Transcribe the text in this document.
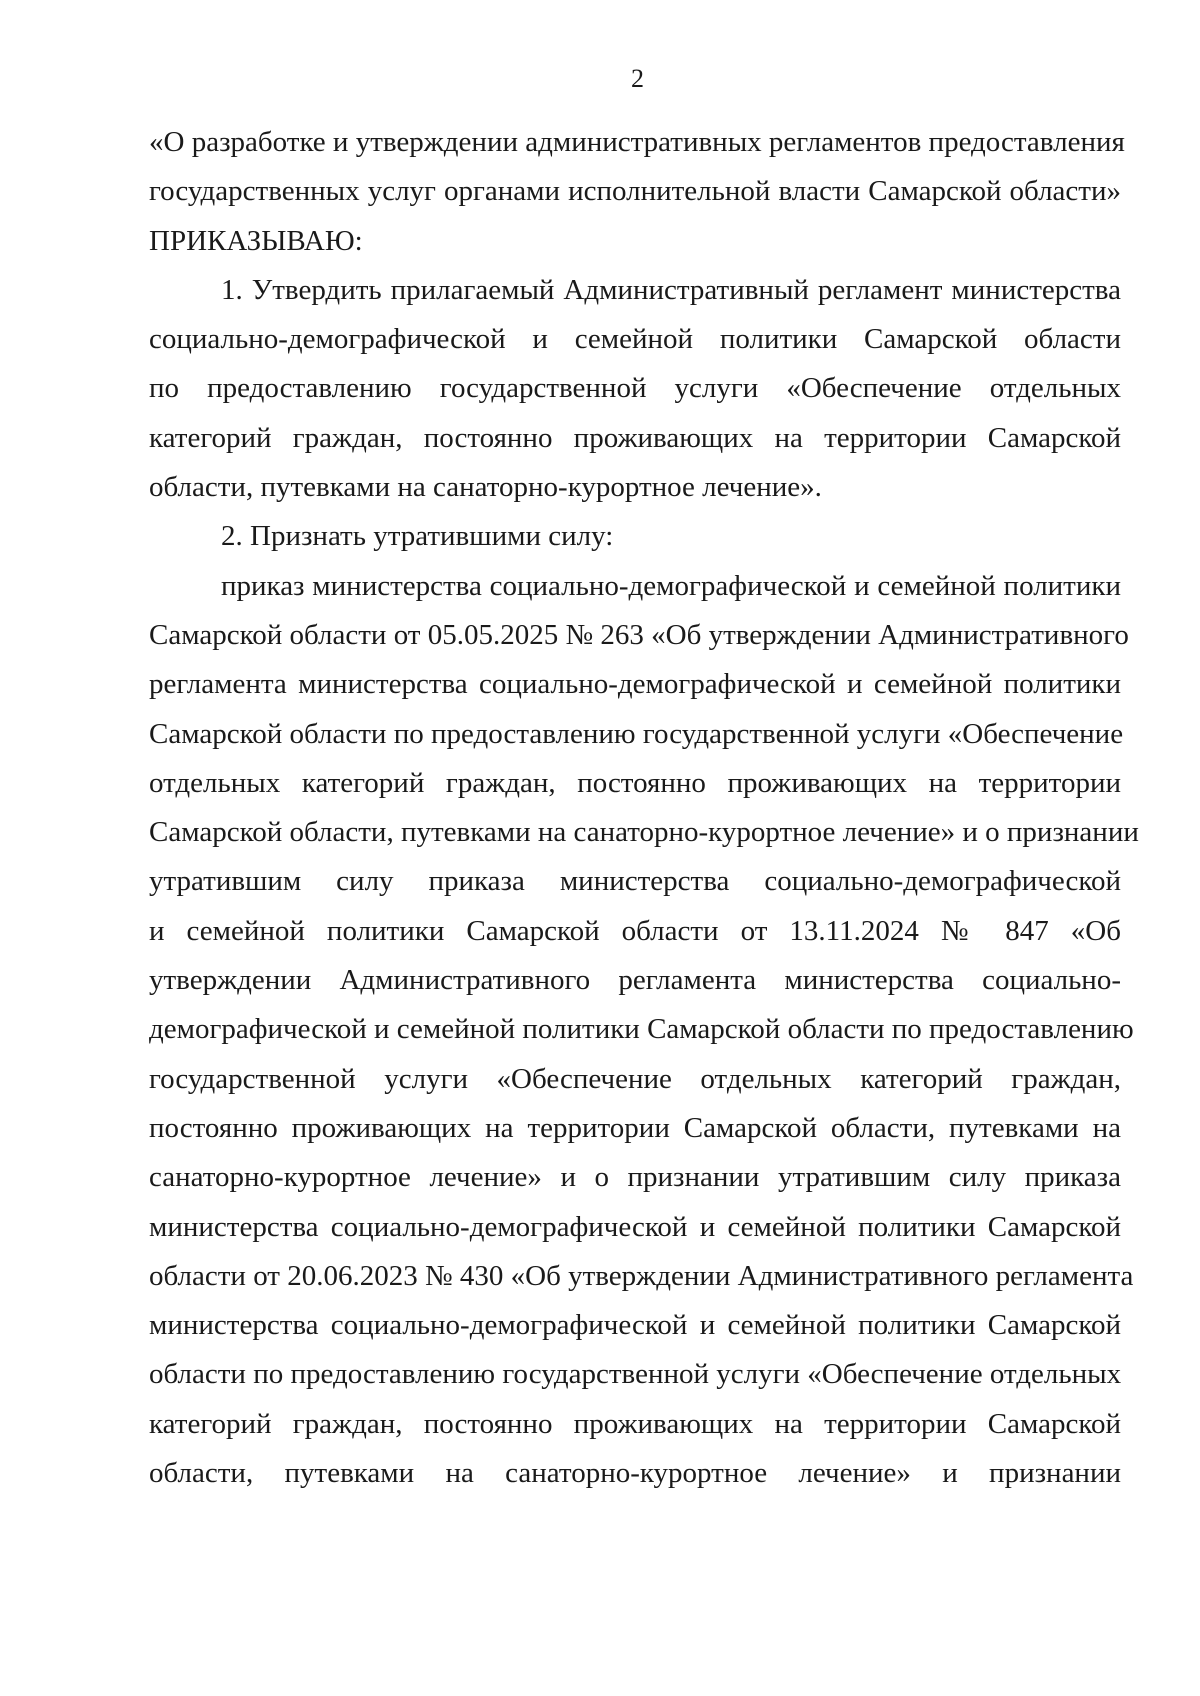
2
«О разработке и утверждении административных регламентов предоставления
государственных услуг органами исполнительной власти Самарской области»
ПРИКАЗЫВАЮ:
1. Утвердить прилагаемый Административный регламент министерства
социально-демографической и семейной политики Самарской области
по предоставлению государственной услуги «Обеспечение отдельных
категорий граждан, постоянно проживающих на территории Самарской
области, путевками на санаторно-курортное лечение».
2. Признать утратившими силу:
приказ министерства социально-демографической и семейной политики
Самарской области от 05.05.2025 № 263 «Об утверждении Административного
регламента министерства социально-демографической и семейной политики
Самарской области по предоставлению государственной услуги «Обеспечение
отдельных категорий граждан, постоянно проживающих на территории
Самарской области, путевками на санаторно-курортное лечение» и о признании
утратившим силу приказа министерства социально-демографической
и семейной политики Самарской области от 13.11.2024 № 847 «Об
утверждении Административного регламента министерства социально-
демографической и семейной политики Самарской области по предоставлению
государственной услуги «Обеспечение отдельных категорий граждан,
постоянно проживающих на территории Самарской области, путевками на
санаторно-курортное лечение» и о признании утратившим силу приказа
министерства социально-демографической и семейной политики Самарской
области от 20.06.2023 № 430 «Об утверждении Административного регламента
министерства социально-демографической и семейной политики Самарской
области по предоставлению государственной услуги «Обеспечение отдельных
категорий граждан, постоянно проживающих на территории Самарской
области, путевками на санаторно-курортное лечение» и признании
